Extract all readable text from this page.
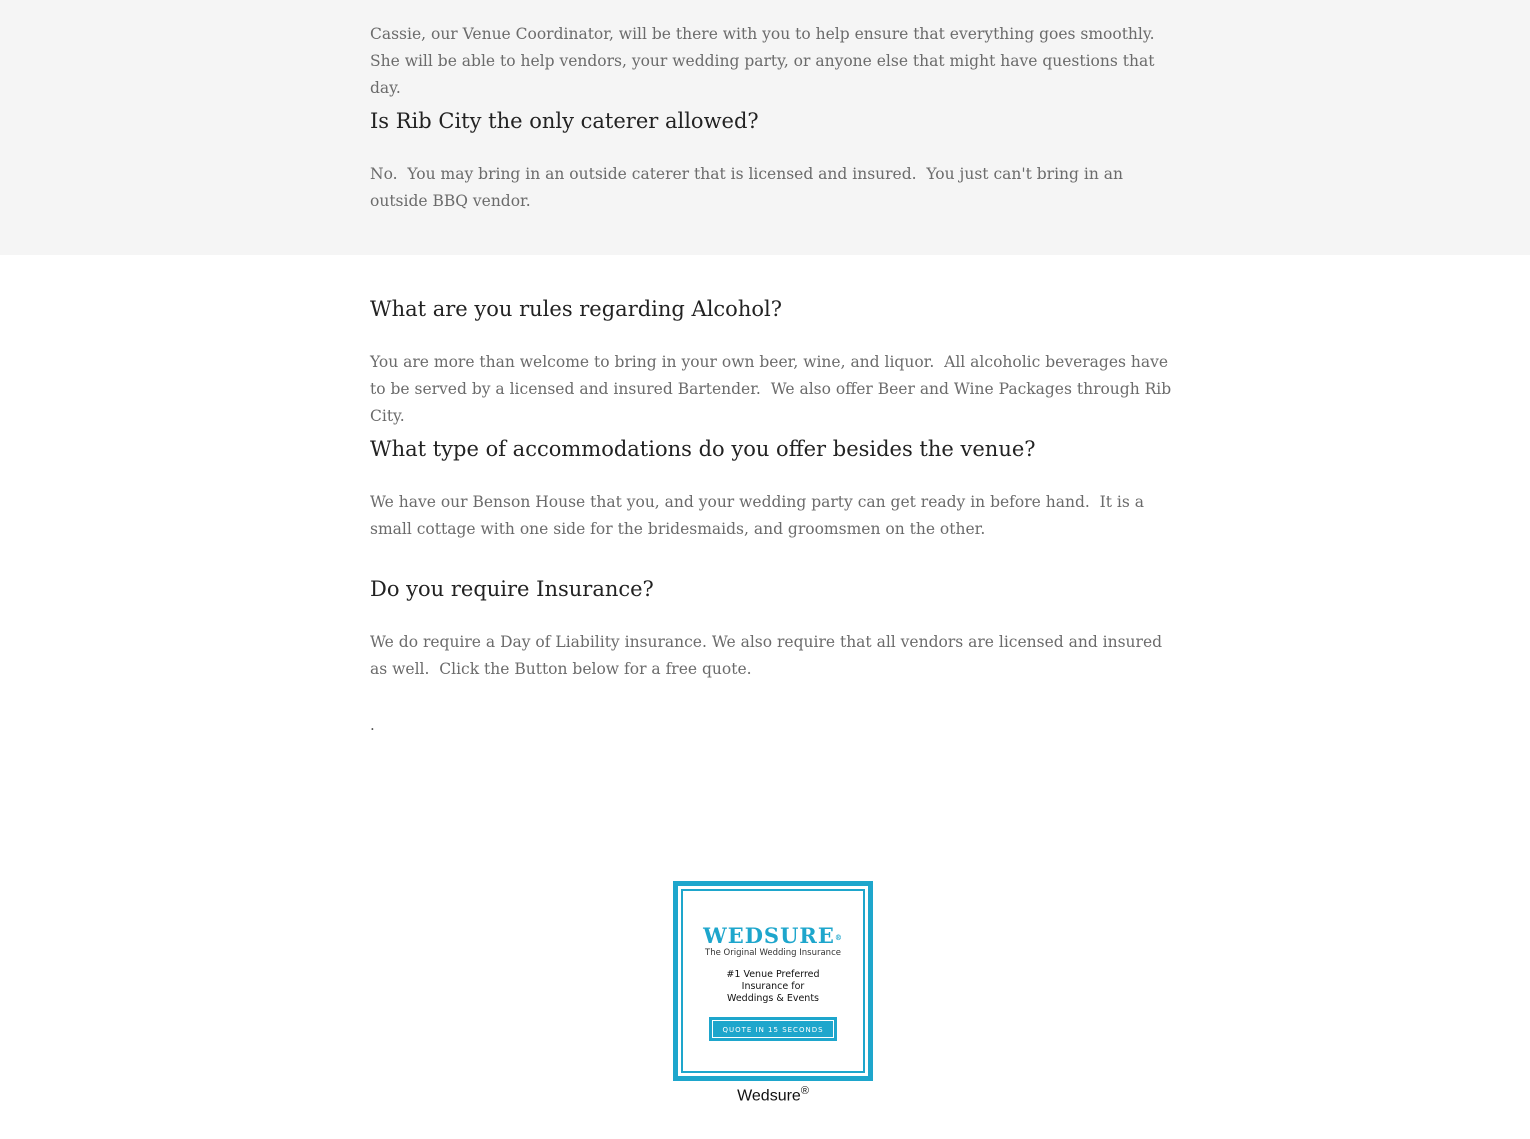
Cassie, our Venue Coordinator, will be there with you to help ensure that everything goes smoothly.  She will be able to help vendors, your wedding party, or anyone else that might have questions that day.

Is Rib City the only caterer allowed?

No.  You may bring in an outside caterer that is licensed and insured.  You just can't bring in an outside BBQ vendor.

What are you rules regarding Alcohol?

You are more than welcome to bring in your own beer, wine, and liquor.  All alcoholic beverages have to be served by a licensed and insured Bartender.  We also offer Beer and Wine Packages through Rib City.

What type of accommodations do you offer besides the venue?

We have our Benson House that you, and your wedding party can get ready in before hand.  It is a small cottage with one side for the bridesmaids, and groomsmen on the other.

Do you require Insurance?

We do require a Day of Liability insurance. We also require that all vendors are licensed and insured as well.  Click the Button below for a free quote.

.
WEDSURE®
The Original Wedding Insurance
#1 Venue Preferred
Insurance for
Weddings & Events
QUOTE IN 15 SECONDS
Wedsure®
